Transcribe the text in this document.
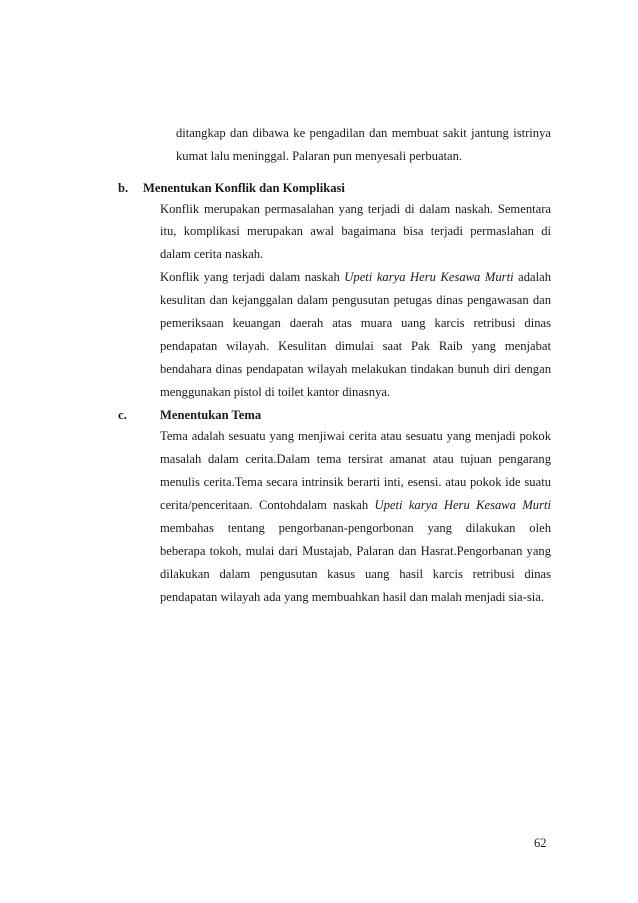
ditangkap dan dibawa ke pengadilan dan membuat sakit jantung istrinya
kumat lalu meninggal. Palaran pun menyesali perbuatan.
b. Menentukan Konflik dan Komplikasi
Konflik merupakan permasalahan yang terjadi di dalam naskah. Sementara
itu, komplikasi merupakan awal bagaimana bisa terjadi permaslahan di
dalam cerita naskah.
Konflik yang terjadi dalam naskah Upeti karya Heru Kesawa Murti adalah
kesulitan dan kejanggalan dalam pengusutan petugas dinas pengawasan dan
pemeriksaan keuangan daerah atas muara uang karcis retribusi dinas
pendapatan wilayah. Kesulitan dimulai saat Pak Raib yang menjabat
bendahara dinas pendapatan wilayah melakukan tindakan bunuh diri dengan
menggunakan pistol di toilet kantor dinasnya.
c.	Menentukan Tema
Tema adalah sesuatu yang menjiwai cerita atau sesuatu yang menjadi pokok
masalah dalam cerita.Dalam tema tersirat amanat atau tujuan pengarang
menulis cerita.Tema secara intrinsik berarti inti, esensi. atau pokok ide suatu
cerita/penceritaan. Contohdalam naskah Upeti karya Heru Kesawa Murti
membahas tentang pengorbanan-pengorbonan yang dilakukan oleh
beberapa tokoh, mulai dari Mustajab, Palaran dan Hasrat.Pengorbanan yang
dilakukan dalam pengusutan kasus uang hasil karcis retribusi dinas
pendapatan wilayah ada yang membuahkan hasil dan malah menjadi sia-sia.
62
